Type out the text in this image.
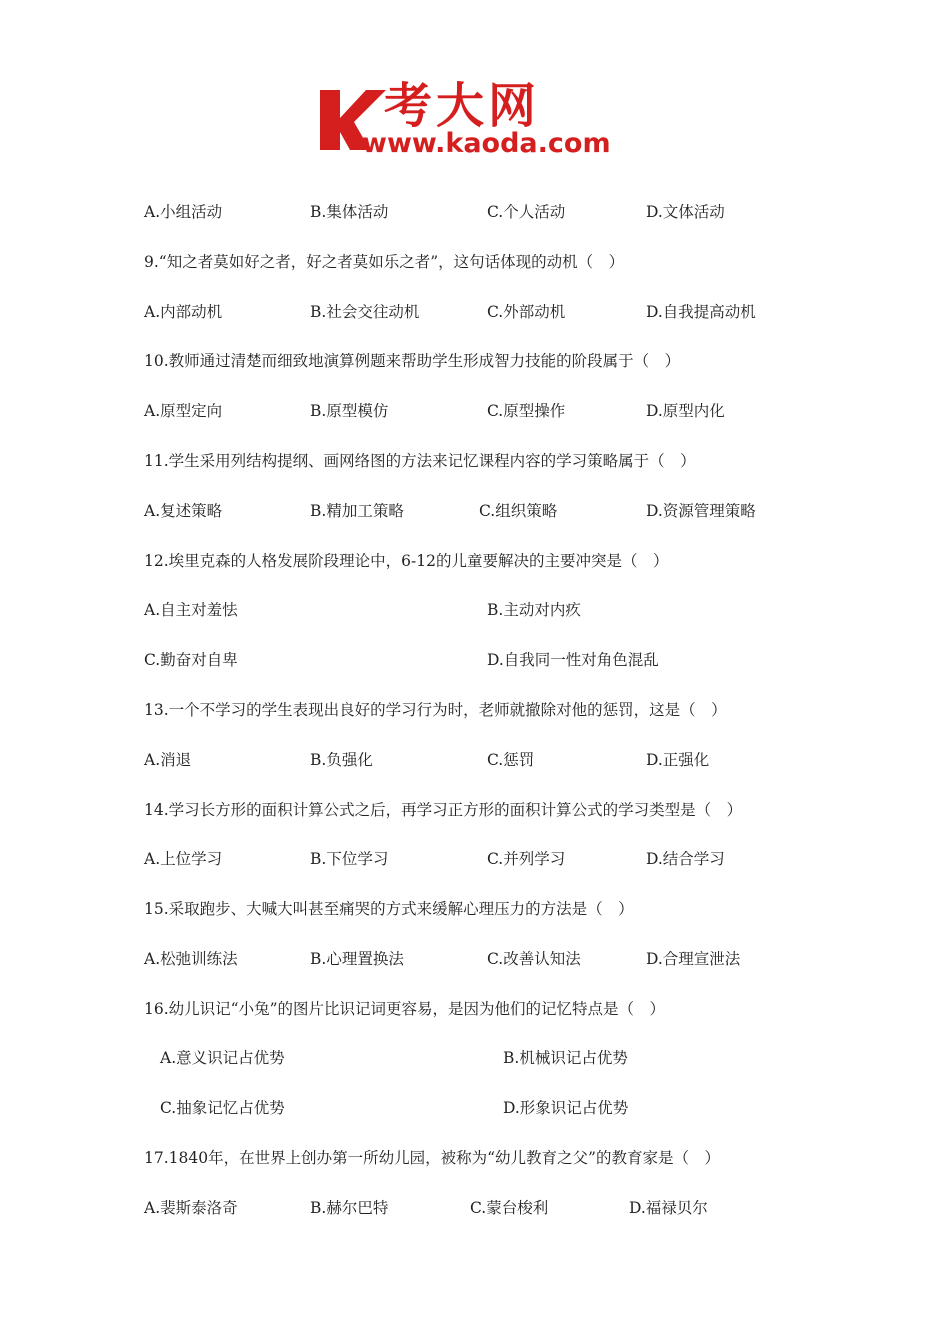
考大网
www.kaoda.com
A.小组活动	B.集体活动	C.个人活动	D.文体活动
9.“知之者莫如好之者，好之者莫如乐之者”，这句话体现的动机（　）
A.内部动机	B.社会交往动机	C.外部动机	D.自我提高动机
10.教师通过清楚而细致地演算例题来帮助学生形成智力技能的阶段属于（　）
A.原型定向	B.原型模仿	C.原型操作	D.原型内化
11.学生采用列结构提纲、画网络图的方法来记忆课程内容的学习策略属于（　）
A.复述策略	B.精加工策略	C.组织策略	D.资源管理策略
12.埃里克森的人格发展阶段理论中，6-12的儿童要解决的主要冲突是（　）
A.自主对羞怯	B.主动对内疚
C.勤奋对自卑	D.自我同一性对角色混乱
13.一个不学习的学生表现出良好的学习行为时，老师就撤除对他的惩罚，这是（　）
A.消退	B.负强化	C.惩罚	D.正强化
14.学习长方形的面积计算公式之后，再学习正方形的面积计算公式的学习类型是（　）
A.上位学习	B.下位学习	C.并列学习	D.结合学习
15.采取跑步、大喊大叫甚至痛哭的方式来缓解心理压力的方法是（　）
A.松弛训练法	B.心理置换法	C.改善认知法	D.合理宣泄法
16.幼儿识记“小兔”的图片比识记词更容易，是因为他们的记忆特点是（　）
A.意义识记占优势	B.机械识记占优势
C.抽象记忆占优势	D.形象识记占优势
17.1840年，在世界上创办第一所幼儿园，被称为“幼儿教育之父”的教育家是（　）
A.裴斯泰洛奇	B.赫尔巴特	C.蒙台梭利	D.福禄贝尔
